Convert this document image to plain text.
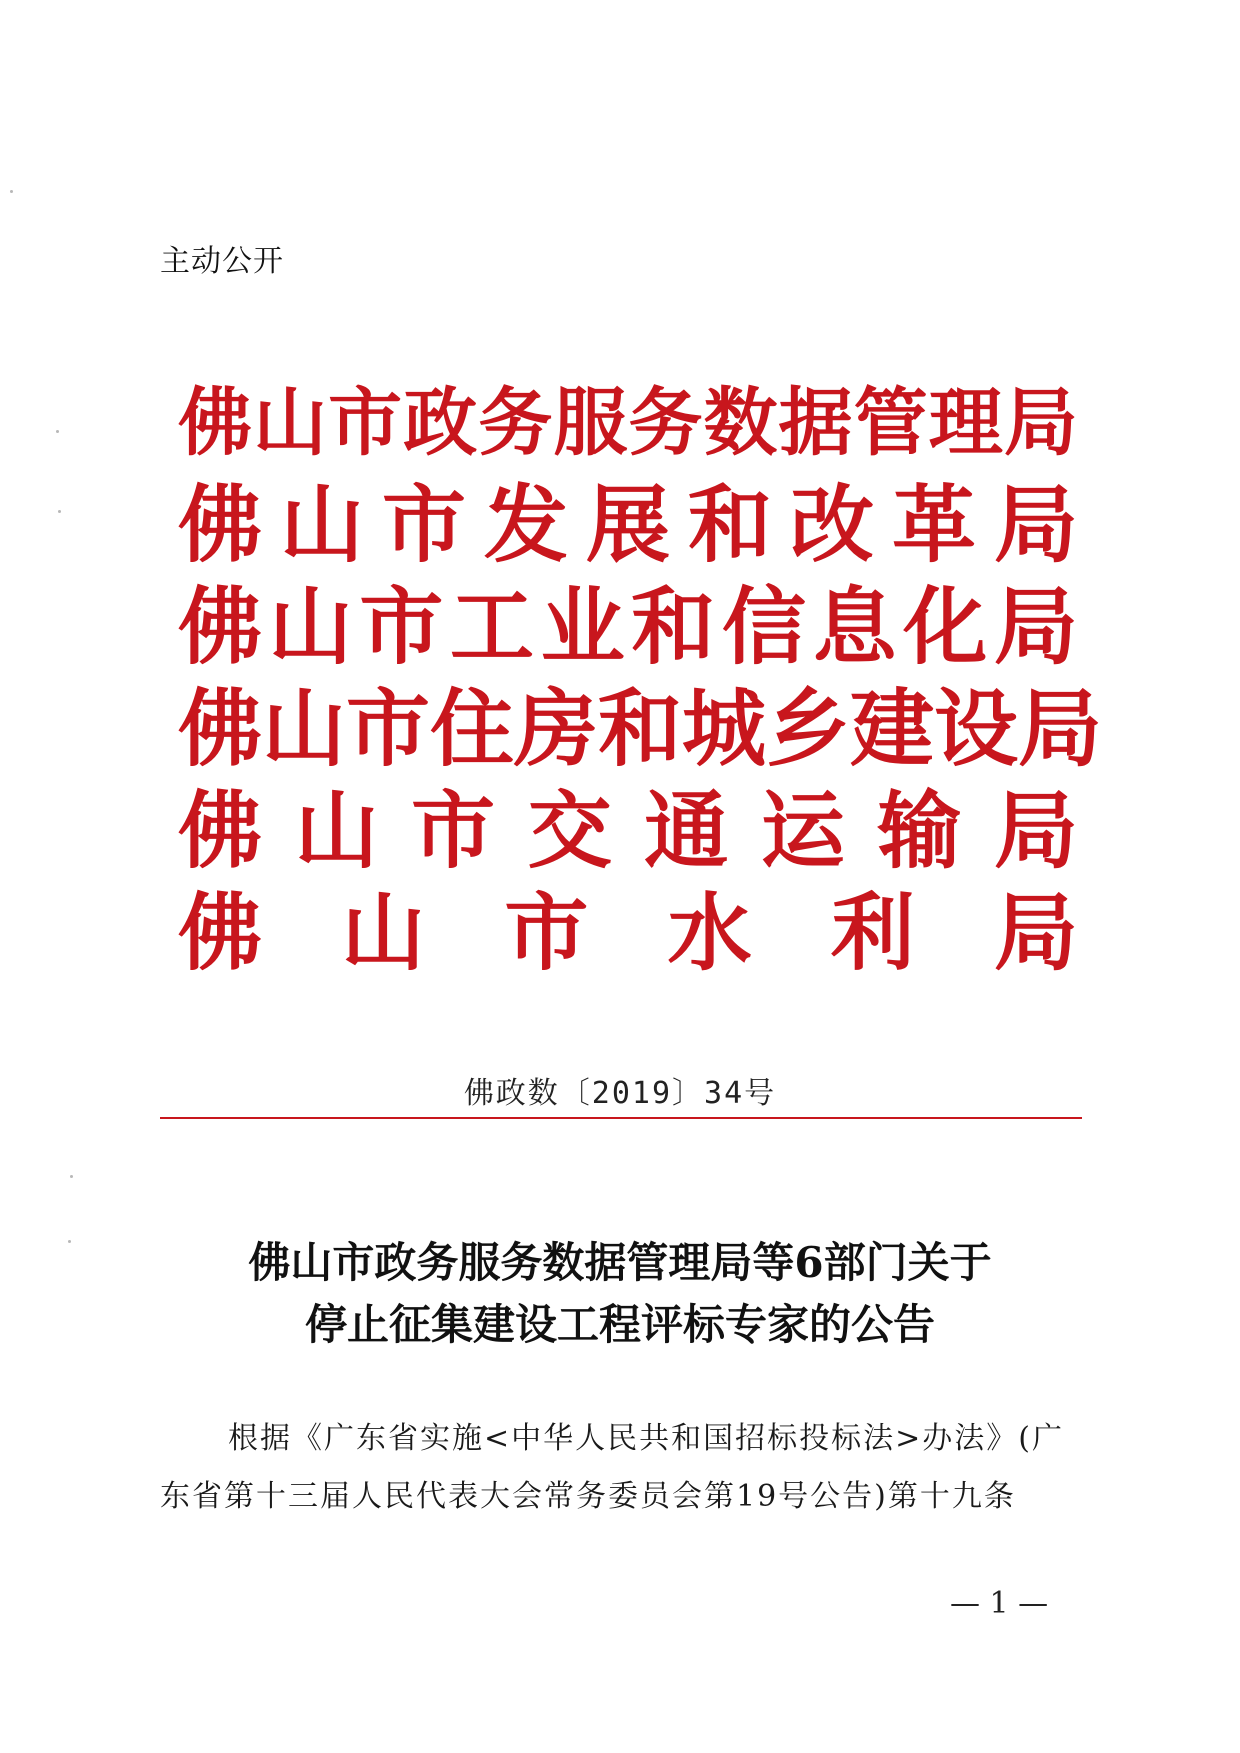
主动公开
佛 山 市 政 务 服 务 数 据 管 理 局
佛 山 市 发 展 和 改 革 局
佛 山 市 工 业 和 信 息 化 局
佛 山 市 住 房 和 城 乡 建 设 局
佛 山 市 交 通 运 输 局
佛 山 市 水 利 局
佛政数〔2019〕34号
佛山市政务服务数据管理局等6部门关于
停止征集建设工程评标专家的公告
根据《广东省实施<中华人民共和国招标投标法>办法》(广
东省第十三届人民代表大会常务委员会第19号公告)第十九条
— 1 —
